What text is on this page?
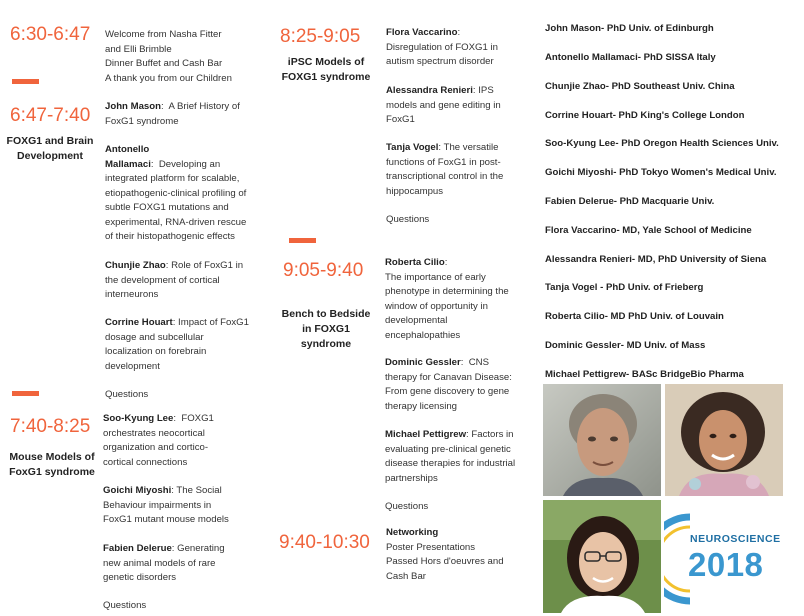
6:30-6:47 Welcome from Nasha Fitter
and Elli Brimble
Dinner Buffet and Cash Bar
A thank you from our Children
6:47-7:40
FOXG1 and Brain
Development
John Mason:  A Brief History of
FoxG1 syndrome
Antonello
Mallamaci:  Developing an
integrated platform for scalable,
etiopathogenic-clinical profiling of
subtle FOXG1 mutations and
experimental, RNA-driven rescue
of their histopathogenic effects
Chunjie Zhao: Role of FoxG1 in
the development of cortical
interneurons
Corrine Houart: Impact of FoxG1
dosage and subcellular
localization on forebrain
development
Questions
7:40-8:25
Mouse Models of
FoxG1 syndrome
Soo-Kyung Lee:  FOXG1
orchestrates neocortical
organization and cortico-
cortical connections
Goichi Miyoshi: The Social
Behaviour impairments in
FoxG1 mutant mouse models
Fabien Delerue: Generating
new animal models of rare
genetic disorders
Questions
8:25-9:05
iPSC Models of
FOXG1 syndrome
Flora Vaccarino:
Disregulation of FOXG1 in
autism spectrum disorder
Alessandra Renieri: IPS
models and gene editing in
FoxG1
Tanja Vogel: The versatile
functions of FoxG1 in post-
transcriptional control in the
hippocampus
Questions
9:05-9:40
Bench to Bedside
in FOXG1
syndrome
Roberta Cilio:
The importance of early
phenotype in determining the
window of opportunity in
developmental
encephalopathies
Dominic Gessler:  CNS
therapy for Canavan Disease:
From gene discovery to gene
therapy licensing
Michael Pettigrew: Factors in
evaluating pre-clinical genetic
disease therapies for industrial
partnerships
Questions
9:40-10:30 Networking
Poster Presentations
Passed Hors d'oeuvres and
Cash Bar
John Mason- PhD Univ. of Edinburgh
Antonello Mallamaci- PhD SISSA Italy
Chunjie Zhao- PhD Southeast Univ. China
Corrine Houart- PhD King's College London
Soo-Kyung Lee- PhD Oregon Health Sciences Univ.
Goichi Miyoshi- PhD Tokyo Women's Medical Univ.
Fabien Delerue- PhD Macquarie Univ.
Flora Vaccarino- MD, Yale School of Medicine
Alessandra Renieri- MD, PhD University of Siena
Tanja Vogel - PhD Univ. of Frieberg
Roberta Cilio- MD PhD Univ. of Louvain
Dominic Gessler- MD Univ. of Mass
Michael Pettigrew- BASc BridgeBio Pharma
NEUROSCIENCE
2018
